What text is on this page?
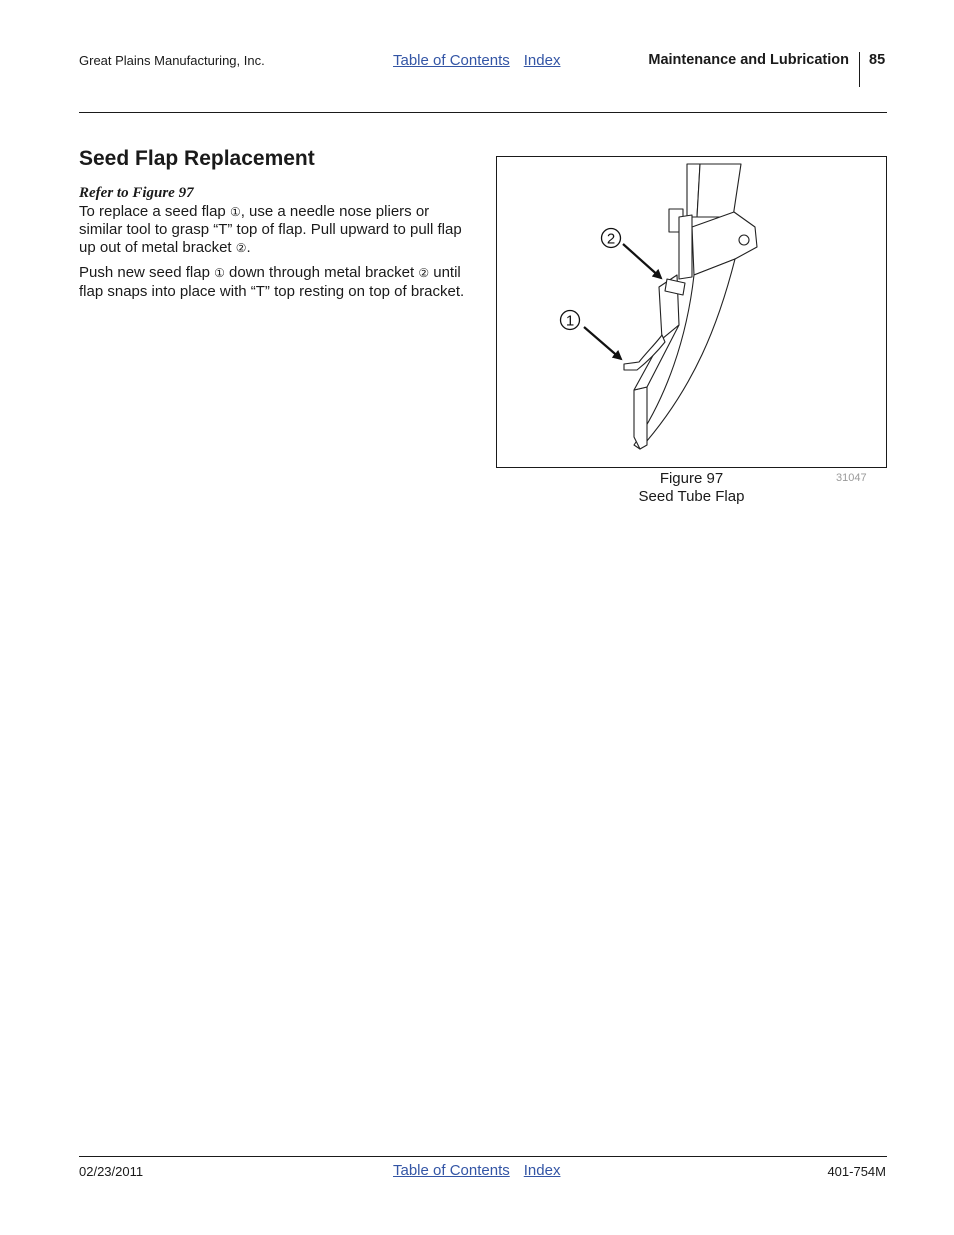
Great Plains Manufacturing, Inc.	Table of Contents Index	Maintenance and Lubrication 85
Seed Flap Replacement
Refer to Figure 97

To replace a seed flap ①, use a needle nose pliers or similar tool to grasp “T” top of flap. Pull upward to pull flap up out of metal bracket ②.

Push new seed flap ① down through metal bracket ② until flap snaps into place with “T” top resting on top of bracket.

2
1
Figure 97
Seed Tube Flap
31047
02/23/2011	Table of Contents Index	401-754M
